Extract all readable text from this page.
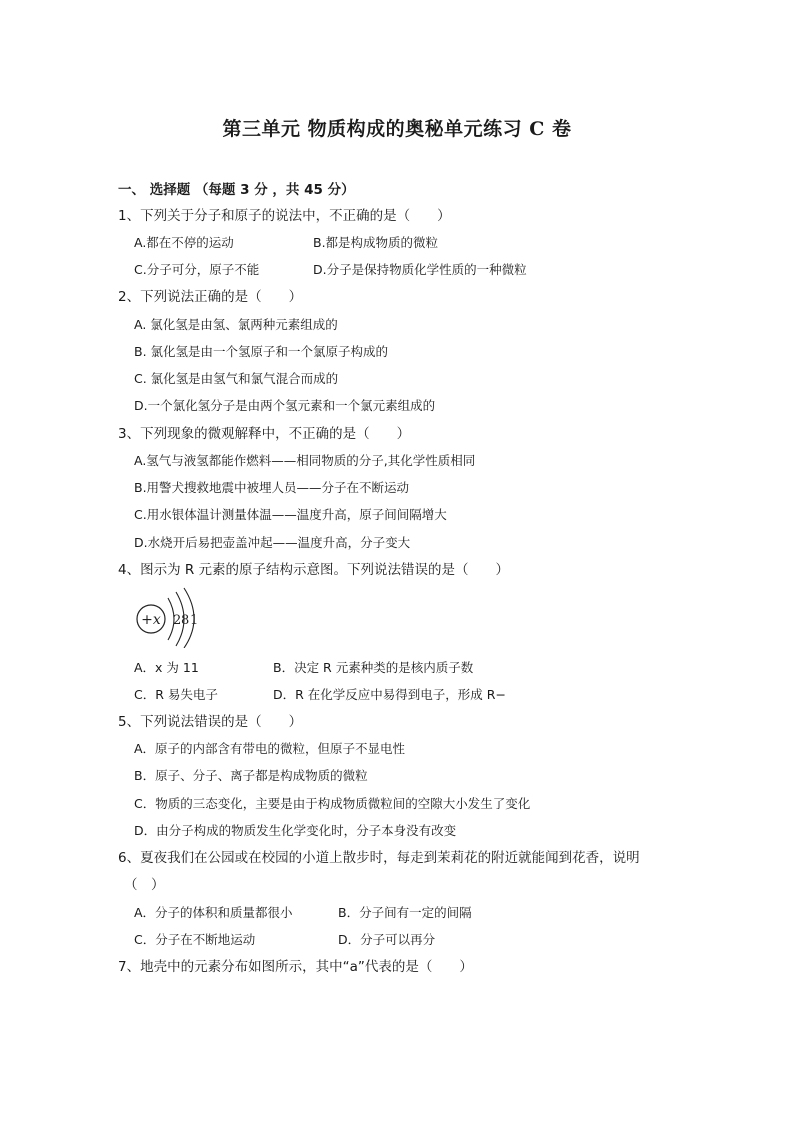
第三单元 物质构成的奥秘单元练习 C 卷
一、 选择题 （每题 3 分 ，共 45 分）
1、下列关于分子和原子的说法中，不正确的是（　　）
A.都在不停的运动	B.都是构成物质的微粒
C.分子可分，原子不能	D.分子是保持物质化学性质的一种微粒
2、下列说法正确的是（　　）
A. 氯化氢是由氢、氯两种元素组成的
B. 氯化氢是由一个氢原子和一个氯原子构成的
C. 氯化氢是由氢气和氯气混合而成的
D.一个氯化氢分子是由两个氢元素和一个氯元素组成的
3、下列现象的微观解释中，不正确的是（　　）
A.氢气与液氢都能作燃料——相同物质的分子,其化学性质相同
B.用警犬搜救地震中被埋人员——分子在不断运动
C.用水银体温计测量体温——温度升高，原子间间隔增大
D.水烧开后易把壶盖冲起——温度升高，分子变大
4、图示为 R 元素的原子结构示意图。下列说法错误的是（　　）
+x 2 8 1
A．x 为 11	B．决定 R 元素种类的是核内质子数
C．R 易失电子	D．R 在化学反应中易得到电子，形成 R−
5、下列说法错误的是（　　）
A．原子的内部含有带电的微粒，但原子不显电性
B．原子、分子、离子都是构成物质的微粒
C．物质的三态变化，主要是由于构成物质微粒间的空隙大小发生了变化
D．由分子构成的物质发生化学变化时，分子本身没有改变
6、夏夜我们在公园或在校园的小道上散步时，每走到茉莉花的附近就能闻到花香，说明
（　）
A．分子的体积和质量都很小	B．分子间有一定的间隔
C．分子在不断地运动	D．分子可以再分
7、地壳中的元素分布如图所示，其中“a”代表的是（　　）
